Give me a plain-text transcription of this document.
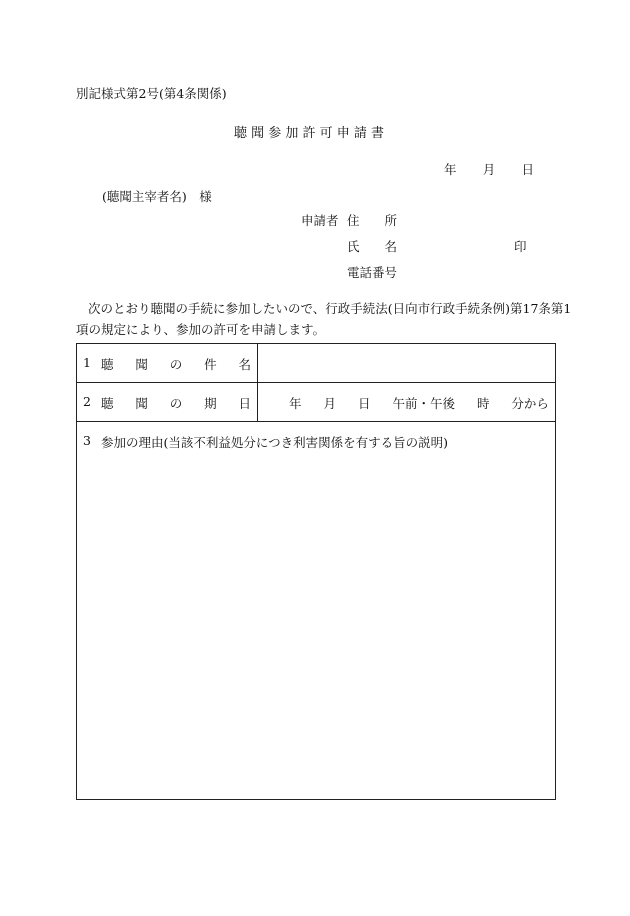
別記様式第2号(第4条関係)
聴 聞 参 加 許 可 申 請 書
年 月 日
(聴聞主宰者名)　様
申請者 住　　所
氏　　名	印
電話番号
次のとおり聴聞の手続に参加したいので、行政手続法(日向市行政手続条例)第17条第1
項の規定により、参加の許可を申請します。
1 聴 聞 の 件 名
2 聴 聞 の 期 日	年 月 日 午前・午後 時 分から
3 参加の理由(当該不利益処分につき利害関係を有する旨の説明)
